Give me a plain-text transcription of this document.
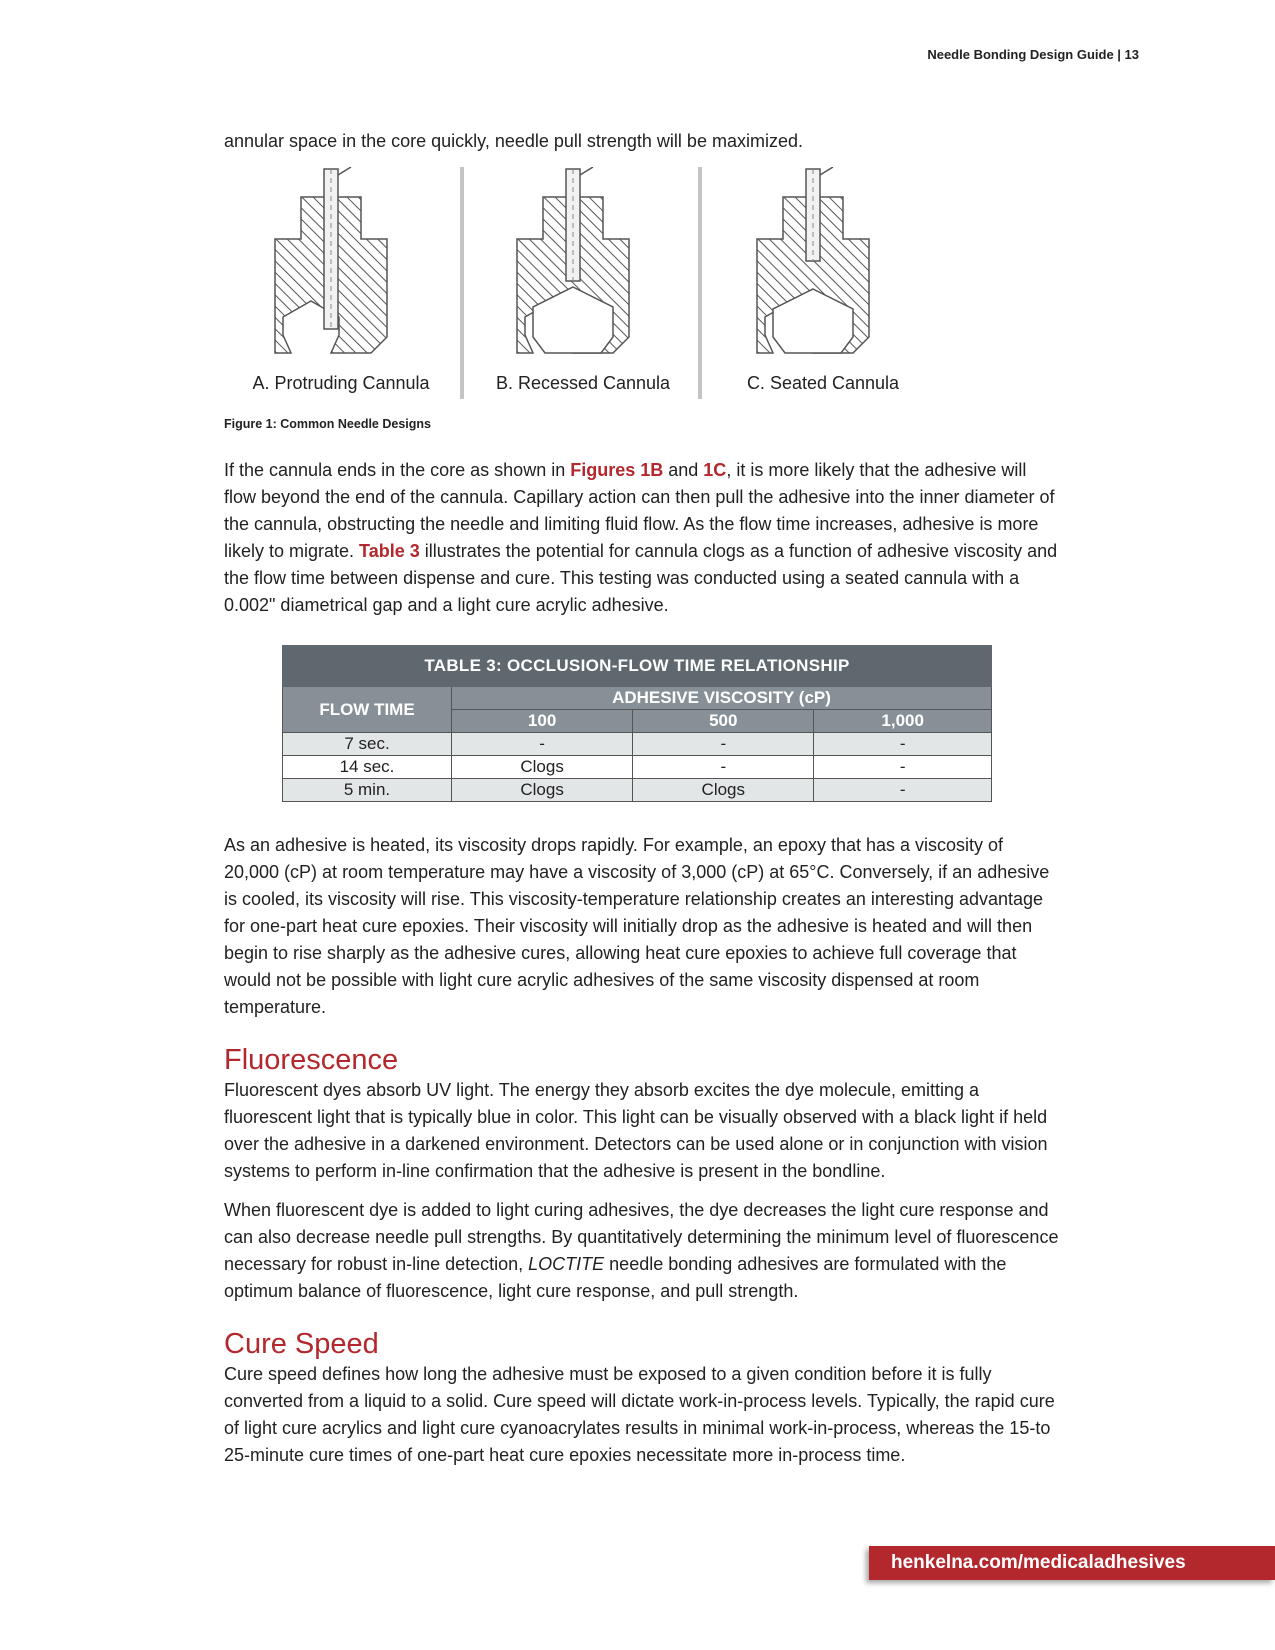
Needle Bonding Design Guide | 13

annular space in the core quickly, needle pull strength will be maximized.

A. Protruding Cannula	B. Recessed Cannula	C. Seated Cannula
Figure 1: Common Needle Designs

If the cannula ends in the core as shown in Figures 1B and 1C, it is more likely that the adhesive will flow beyond the end of the cannula. Capillary action can then pull the adhesive into the inner diameter of the cannula, obstructing the needle and limiting fluid flow. As the flow time increases, adhesive is more likely to migrate. Table 3 illustrates the potential for cannula clogs as a function of adhesive viscosity and the flow time between dispense and cure. This testing was conducted using a seated cannula with a 0.002" diametrical gap and a light cure acrylic adhesive.

TABLE 3: OCCLUSION-FLOW TIME RELATIONSHIP			
FLOW TIME	ADHESIVE VISCOSITY (cP)		
	100	500	1,000
7 sec.	-	-	-
14 sec.	Clogs	-	-
5 min.	Clogs	Clogs	-

As an adhesive is heated, its viscosity drops rapidly. For example, an epoxy that has a viscosity of 20,000 (cP) at room temperature may have a viscosity of 3,000 (cP) at 65°C. Conversely, if an adhesive is cooled, its viscosity will rise. This viscosity-temperature relationship creates an interesting advantage for one-part heat cure epoxies. Their viscosity will initially drop as the adhesive is heated and will then begin to rise sharply as the adhesive cures, allowing heat cure epoxies to achieve full coverage that would not be possible with light cure acrylic adhesives of the same viscosity dispensed at room temperature.

Fluorescence

Fluorescent dyes absorb UV light. The energy they absorb excites the dye molecule, emitting a fluorescent light that is typically blue in color. This light can be visually observed with a black light if held over the adhesive in a darkened environment. Detectors can be used alone or in conjunction with vision systems to perform in-line confirmation that the adhesive is present in the bondline.

When fluorescent dye is added to light curing adhesives, the dye decreases the light cure response and can also decrease needle pull strengths. By quantitatively determining the minimum level of fluorescence necessary for robust in-line detection, LOCTITE needle bonding adhesives are formulated with the optimum balance of fluorescence, light cure response, and pull strength.

Cure Speed

Cure speed defines how long the adhesive must be exposed to a given condition before it is fully converted from a liquid to a solid. Cure speed will dictate work-in-process levels. Typically, the rapid cure of light cure acrylics and light cure cyanoacrylates results in minimal work-in-process, whereas the 15-to 25-minute cure times of one-part heat cure epoxies necessitate more in-process time.

henkelna.com/medicaladhesives
